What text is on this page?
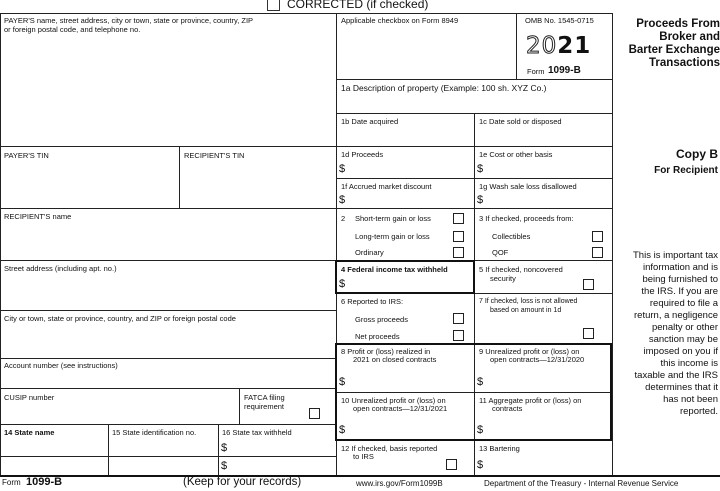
CORRECTED (if checked)
PAYER'S name, street address, city or town, state or province, country, ZIP
or foreign postal code, and telephone no.
PAYER'S TIN	RECIPIENT'S TIN
RECIPIENT'S name
Street address (including apt. no.)
City or town, state or province, country, and ZIP or foreign postal code
Account number (see instructions)
CUSIP number	FATCA filing
requirement
14 State name	15 State identification no.	16 State tax withheld
$
$
Applicable checkbox on Form 8949	OMB No. 1545-0715
2021
Form 1099-B
Proceeds From
Broker and
Barter Exchange
Transactions
1a Description of property (Example: 100 sh. XYZ Co.)
1b Date acquired	1c Date sold or disposed
1d Proceeds
$
1e Cost or other basis
$
1f Accrued market discount
$
1g Wash sale loss disallowed
$
2 Short-term gain or loss
Long-term gain or loss
Ordinary
3 If checked, proceeds from:
Collectibles
QOF
4 Federal income tax withheld
$
5 If checked, noncovered
security
6 Reported to IRS:
Gross proceeds
Net proceeds
7 If checked, loss is not allowed
based on amount in 1d
8 Profit or (loss) realized in
2021 on closed contracts
$
9 Unrealized profit or (loss) on
open contracts—12/31/2020
$
10 Unrealized profit or (loss) on
open contracts—12/31/2021
$
11 Aggregate profit or (loss) on
contracts
$
12 If checked, basis reported
to IRS
13 Bartering
$
Copy B
For Recipient
This is important tax
information and is
being furnished to
the IRS. If you are
required to file a
return, a negligence
penalty or other
sanction may be
imposed on you if
this income is
taxable and the IRS
determines that it
has not been
reported.
Form 1099-B	(Keep for your records)	www.irs.gov/Form1099B	Department of the Treasury - Internal Revenue Service
